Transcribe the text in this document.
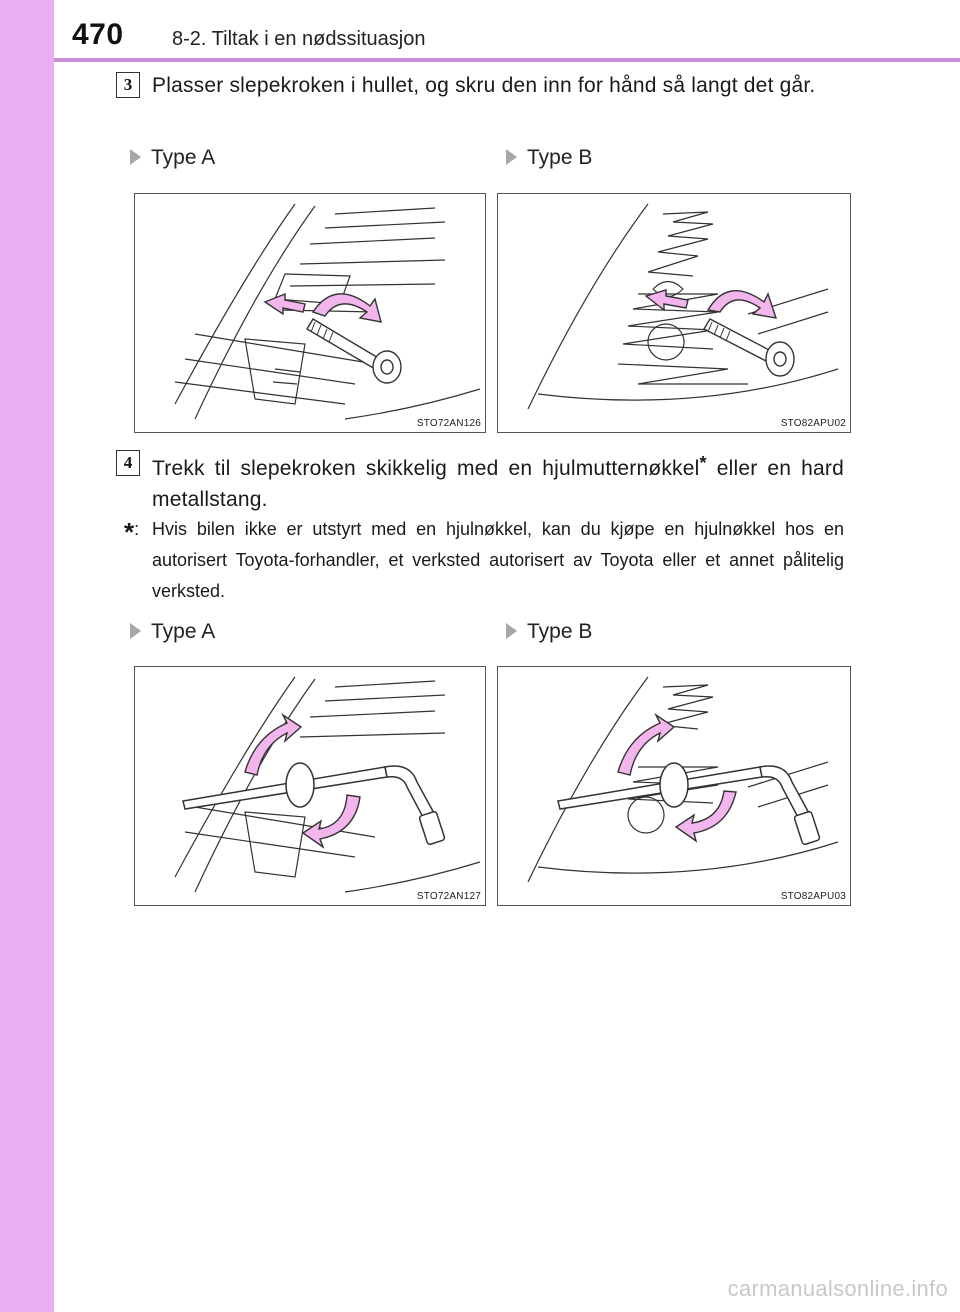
470 8-2. Tiltak i en nødssituasjon
3 Plasser slepekroken i hullet, og skru den inn for hånd så langt det går.
Type A	Type B
STO72AN126	STO82APU02
4 Trekk til slepekroken skikkelig med en hjulmutternøkkel* eller en hard metallstang.
*: Hvis bilen ikke er utstyrt med en hjulnøkkel, kan du kjøpe en hjulnøkkel hos en autorisert Toyota-forhandler, et verksted autorisert av Toyota eller et annet pålitelig verksted.
Type A	Type B
STO72AN127	STO82APU03
carmanualsonline.info
